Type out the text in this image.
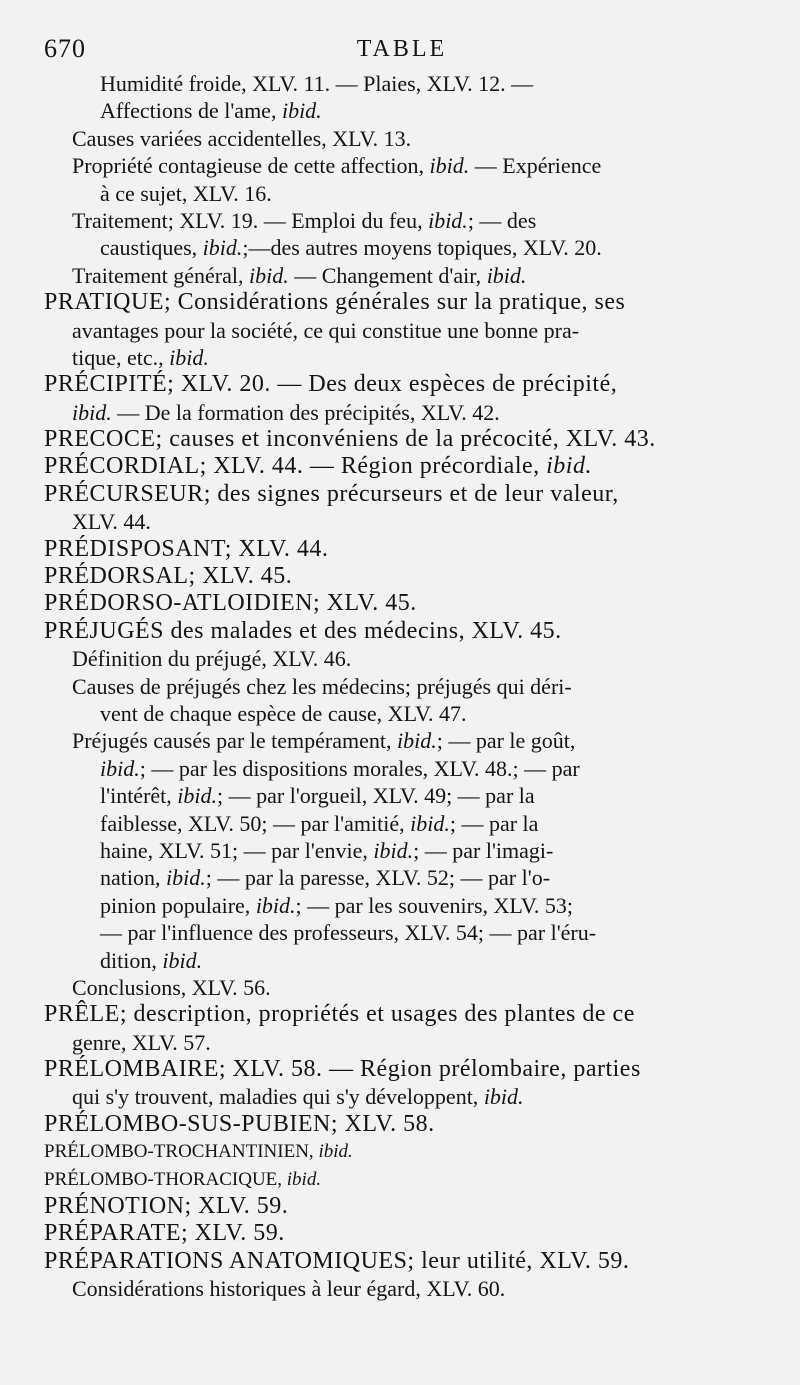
670	TABLE
Humidité froide, XLV. 11. — Plaies, XLV. 12. —
Affections de l'ame, ibid.
Causes variées accidentelles, XLV. 13.
Propriété contagieuse de cette affection, ibid. — Expérience
à ce sujet, XLV. 16.
Traitement; XLV. 19. — Emploi du feu, ibid.; — des
caustiques, ibid.;—des autres moyens topiques, XLV. 20.
Traitement général, ibid. — Changement d'air, ibid.
PRATIQUE; Considérations générales sur la pratique, ses
avantages pour la société, ce qui constitue une bonne pra-
tique, etc., ibid.
PRÉCIPITÉ; XLV. 20. — Des deux espèces de précipité,
ibid. — De la formation des précipités, XLV. 42.
PRECOCE; causes et inconvéniens de la précocité, XLV. 43.
PRÉCORDIAL; XLV. 44. — Région précordiale, ibid.
PRÉCURSEUR; des signes précurseurs et de leur valeur,
XLV. 44.
PRÉDISPOSANT; XLV. 44.
PRÉDORSAL; XLV. 45.
PRÉDORSO-ATLOIDIEN; XLV. 45.
PRÉJUGÉS des malades et des médecins, XLV. 45.
Définition du préjugé, XLV. 46.
Causes de préjugés chez les médecins; préjugés qui déri-
vent de chaque espèce de cause, XLV. 47.
Préjugés causés par le tempérament, ibid.; — par le goût,
ibid.; — par les dispositions morales, XLV. 48.; — par
l'intérêt, ibid.; — par l'orgueil, XLV. 49; — par la
faiblesse, XLV. 50; — par l'amitié, ibid.; — par la
haine, XLV. 51; — par l'envie, ibid.; — par l'imagi-
nation, ibid.; — par la paresse, XLV. 52; — par l'o-
pinion populaire, ibid.; — par les souvenirs, XLV. 53;
— par l'influence des professeurs, XLV. 54; — par l'éru-
dition, ibid.
Conclusions, XLV. 56.
PRÊLE; description, propriétés et usages des plantes de ce
genre, XLV. 57.
PRÉLOMBAIRE; XLV. 58. — Région prélombaire, parties
qui s'y trouvent, maladies qui s'y développent, ibid.
PRÉLOMBO-SUS-PUBIEN; XLV. 58.
PRÉLOMBO-TROCHANTINIEN, ibid.
PRÉLOMBO-THORACIQUE, ibid.
PRÉNOTION; XLV. 59.
PRÉPARATE; XLV. 59.
PRÉPARATIONS ANATOMIQUES; leur utilité, XLV. 59.
Considérations historiques à leur égard, XLV. 60.
